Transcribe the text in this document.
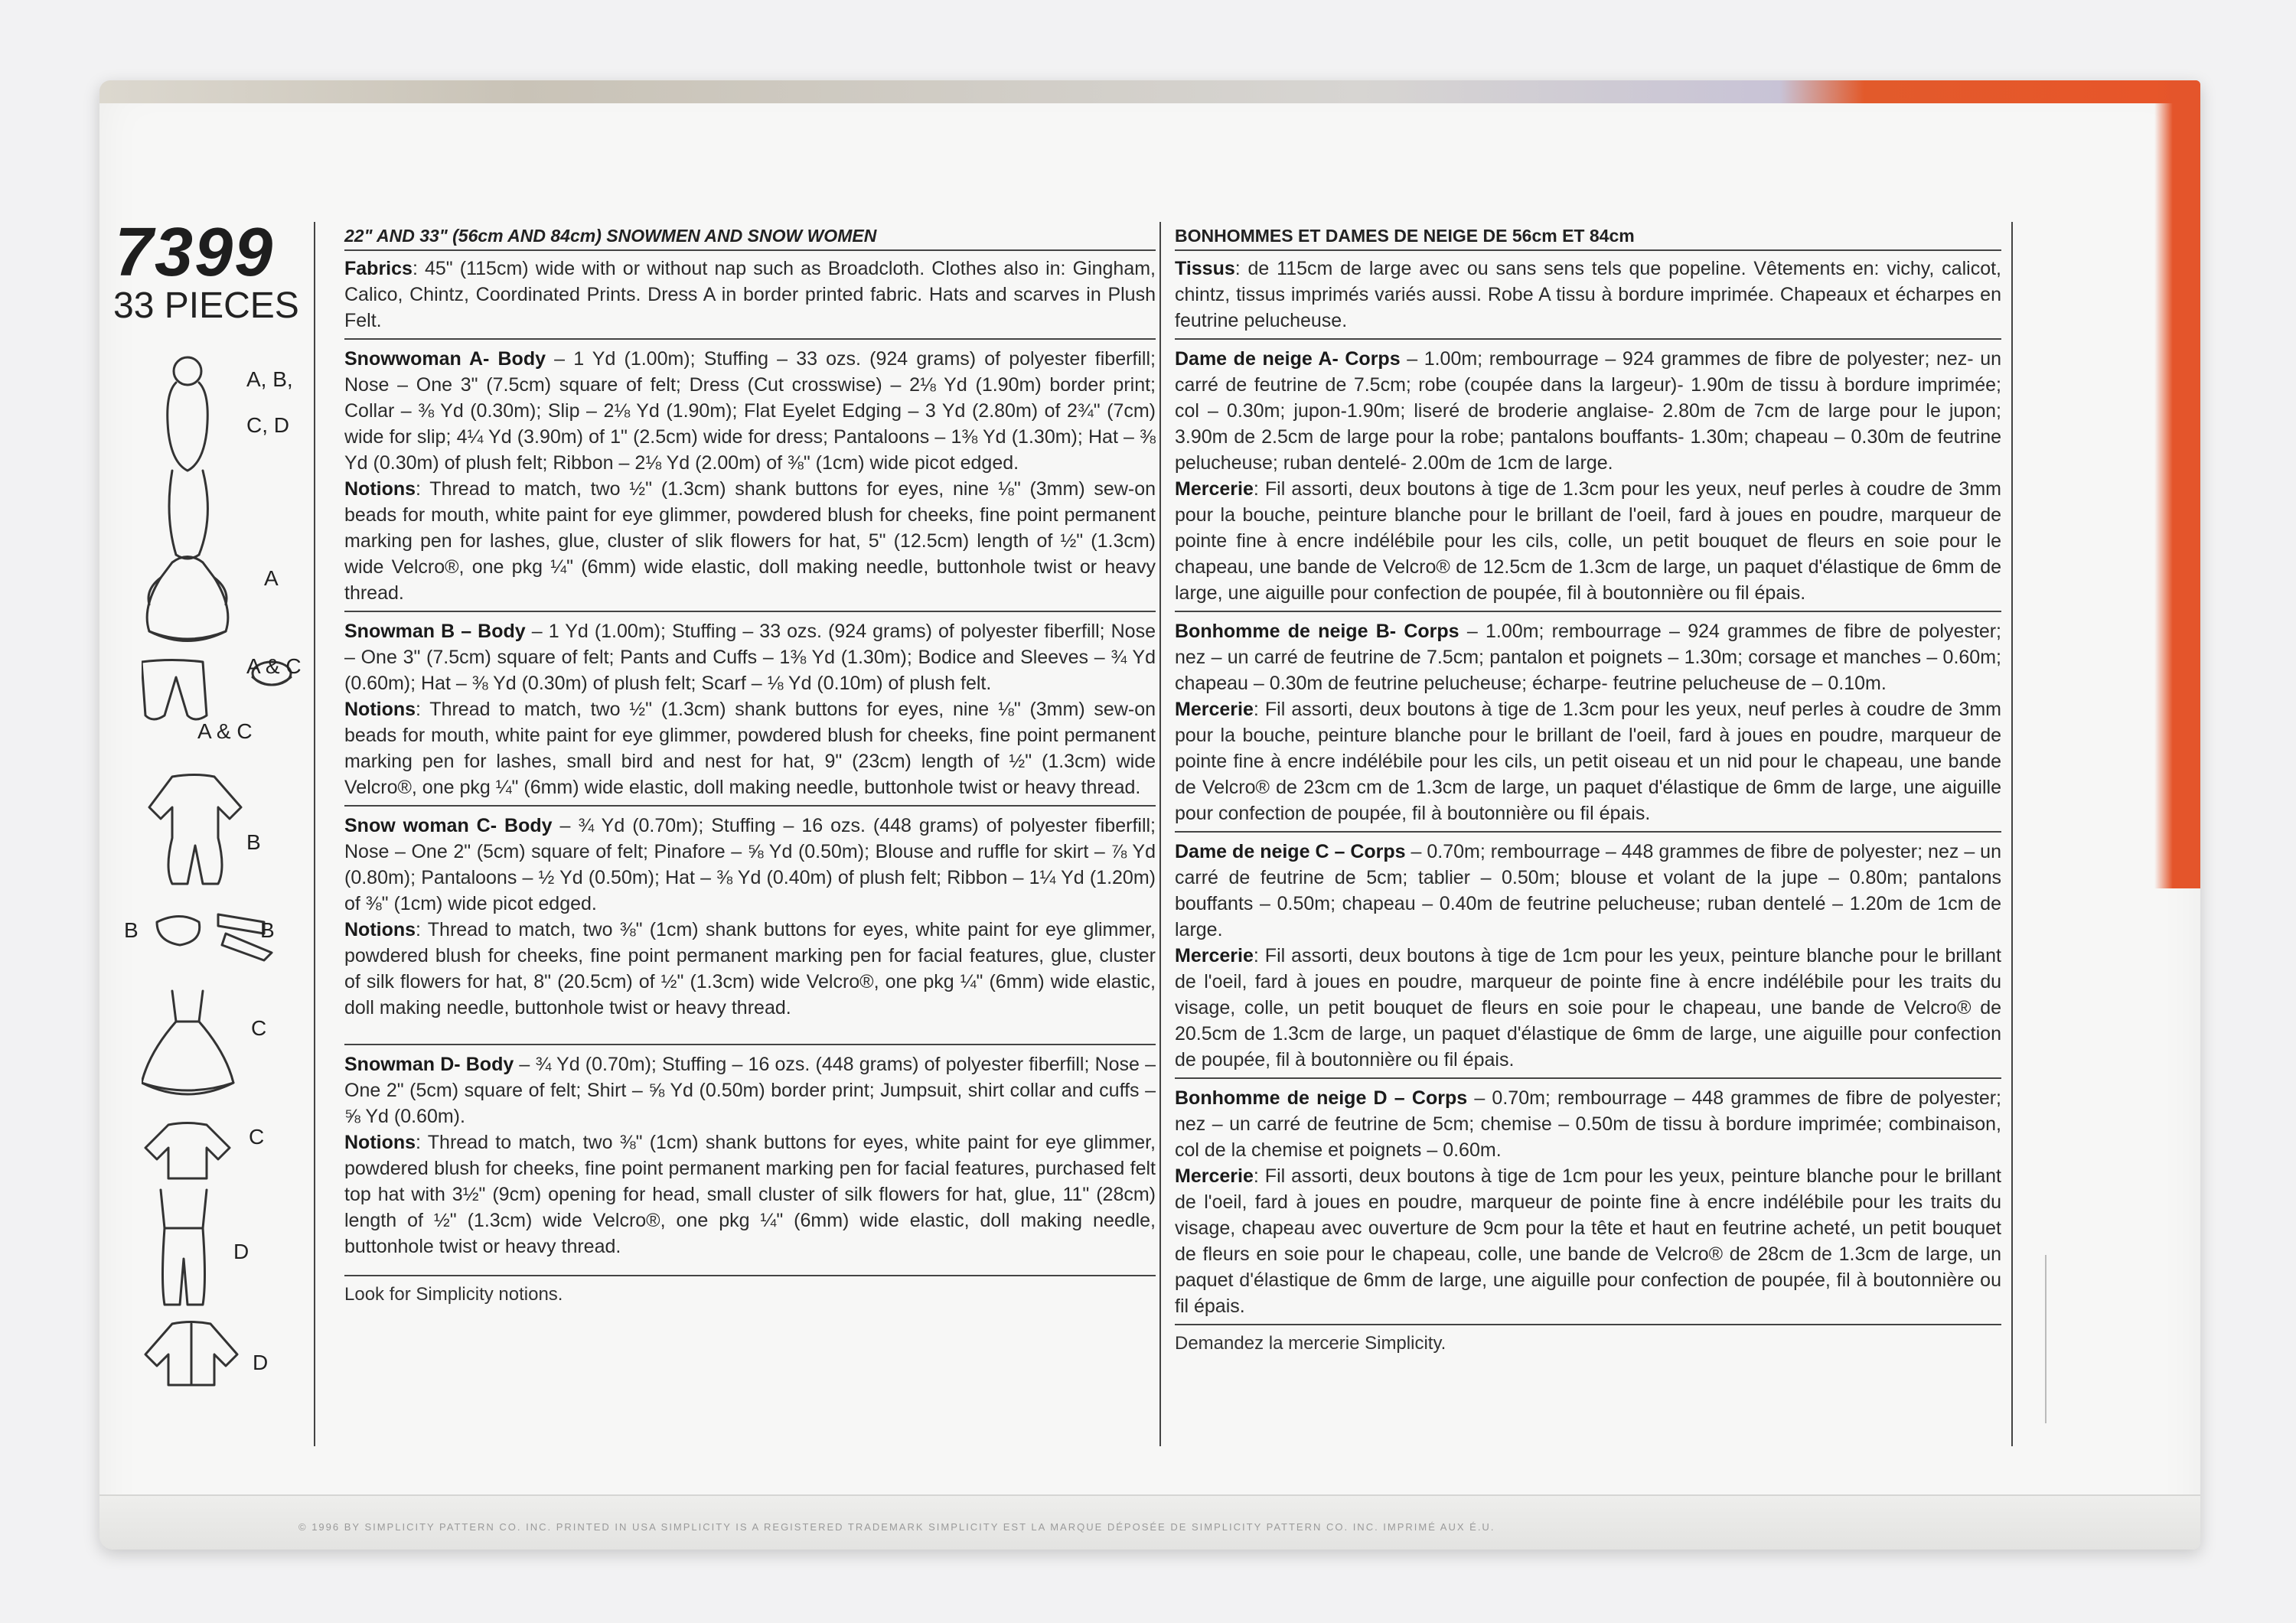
© 1996 BY SIMPLICITY PATTERN CO. INC. PRINTED IN USA SIMPLICITY IS A REGISTERED TRADEMARK SIMPLICITY EST LA MARQUE DÉPOSÉE DE SIMPLICITY PATTERN CO. INC. IMPRIMÉ AUX É.U.
7399
33 PIECES
A, B,
C, D
A
A & C
A & C
B
B	B
C
C
D
D
22" AND 33" (56cm AND 84cm) SNOWMEN AND SNOW WOMEN

Fabrics: 45" (115cm) wide with or without nap such as Broadcloth. Clothes also in: Gingham, Calico, Chintz, Coordinated Prints. Dress A in border printed fabric. Hats and scarves in Plush Felt.

Snowwoman A- Body – 1 Yd (1.00m); Stuffing – 33 ozs. (924 grams) of polyester fiberfill; Nose – One 3" (7.5cm) square of felt; Dress (Cut crosswise) – 2⅛ Yd (1.90m) border print; Collar – ⅜ Yd (0.30m); Slip – 2⅛ Yd (1.90m); Flat Eyelet Edging – 3 Yd (2.80m) of 2¾" (7cm) wide for slip; 4¼ Yd (3.90m) of 1" (2.5cm) wide for dress; Pantaloons – 1⅜ Yd (1.30m); Hat – ⅜ Yd (0.30m) of plush felt; Ribbon – 2⅛ Yd (2.00m) of ⅜" (1cm) wide picot edged.

Notions: Thread to match, two ½" (1.3cm) shank buttons for eyes, nine ⅛" (3mm) sew-on beads for mouth, white paint for eye glimmer, powdered blush for cheeks, fine point permanent marking pen for lashes, glue, cluster of slik flowers for hat, 5" (12.5cm) length of ½" (1.3cm) wide Velcro®, one pkg ¼" (6mm) wide elastic, doll making needle, buttonhole twist or heavy thread.

Snowman B – Body – 1 Yd (1.00m); Stuffing – 33 ozs. (924 grams) of polyester fiberfill; Nose – One 3" (7.5cm) square of felt; Pants and Cuffs – 1⅜ Yd (1.30m); Bodice and Sleeves – ¾ Yd (0.60m); Hat – ⅜ Yd (0.30m) of plush felt; Scarf – ⅛ Yd (0.10m) of plush felt.

Notions: Thread to match, two ½" (1.3cm) shank buttons for eyes, nine ⅛" (3mm) sew-on beads for mouth, white paint for eye glimmer, powdered blush for cheeks, fine point permanent marking pen for lashes, small bird and nest for hat, 9" (23cm) length of ½" (1.3cm) wide Velcro®, one pkg ¼" (6mm) wide elastic, doll making needle, buttonhole twist or heavy thread.

Snow woman C- Body – ¾ Yd (0.70m); Stuffing – 16 ozs. (448 grams) of polyester fiberfill; Nose – One 2" (5cm) square of felt; Pinafore – ⅝ Yd (0.50m); Blouse and ruffle for skirt – ⅞ Yd (0.80m); Pantaloons – ½ Yd (0.50m); Hat – ⅜ Yd (0.40m) of plush felt; Ribbon – 1¼ Yd (1.20m) of ⅜" (1cm) wide picot edged.

Notions: Thread to match, two ⅜" (1cm) shank buttons for eyes, white paint for eye glimmer, powdered blush for cheeks, fine point permanent marking pen for facial features, glue, cluster of silk flowers for hat, 8" (20.5cm) of ½" (1.3cm) wide Velcro®, one pkg ¼" (6mm) wide elastic, doll making needle, buttonhole twist or heavy thread.

Snowman D- Body – ¾ Yd (0.70m); Stuffing – 16 ozs. (448 grams) of polyester fiberfill; Nose – One 2" (5cm) square of felt; Shirt – ⅝ Yd (0.50m) border print; Jumpsuit, shirt collar and cuffs – ⅝ Yd (0.60m).

Notions: Thread to match, two ⅜" (1cm) shank buttons for eyes, white paint for eye glimmer, powdered blush for cheeks, fine point permanent marking pen for facial features, purchased felt top hat with 3½" (9cm) opening for head, small cluster of silk flowers for hat, glue, 11" (28cm) length of ½" (1.3cm) wide Velcro®, one pkg ¼" (6mm) wide elastic, doll making needle, buttonhole twist or heavy thread.

Look for Simplicity notions.
BONHOMMES ET DAMES DE NEIGE DE 56cm ET 84cm

Tissus: de 115cm de large avec ou sans sens tels que popeline. Vêtements en: vichy, calicot, chintz, tissus imprimés variés aussi. Robe A tissu à bordure imprimée. Chapeaux et écharpes en feutrine pelucheuse.

Dame de neige A- Corps – 1.00m; rembourrage – 924 grammes de fibre de polyester; nez- un carré de feutrine de 7.5cm; robe (coupée dans la largeur)- 1.90m de tissu à bordure imprimée; col – 0.30m; jupon-1.90m; liseré de broderie anglaise- 2.80m de 7cm de large pour le jupon; 3.90m de 2.5cm de large pour la robe; pantalons bouffants- 1.30m; chapeau – 0.30m de feutrine pelucheuse; ruban dentelé- 2.00m de 1cm de large.

Mercerie: Fil assorti, deux boutons à tige de 1.3cm pour les yeux, neuf perles à coudre de 3mm pour la bouche, peinture blanche pour le brillant de l'oeil, fard à joues en poudre, marqueur de pointe fine à encre indélébile pour les cils, colle, un petit bouquet de fleurs en soie pour le chapeau, une bande de Velcro® de 12.5cm de 1.3cm de large, un paquet d'élastique de 6mm de large, une aiguille pour confection de poupée, fil à boutonnière ou fil épais.

Bonhomme de neige B- Corps – 1.00m; rembourrage – 924 grammes de fibre de polyester; nez – un carré de feutrine de 7.5cm; pantalon et poignets – 1.30m; corsage et manches – 0.60m; chapeau – 0.30m de feutrine pelucheuse; écharpe- feutrine pelucheuse de – 0.10m.

Mercerie: Fil assorti, deux boutons à tige de 1.3cm pour les yeux, neuf perles à coudre de 3mm pour la bouche, peinture blanche pour le brillant de l'oeil, fard à joues en poudre, marqueur de pointe fine à encre indélébile pour les cils, un petit oiseau et un nid pour le chapeau, une bande de Velcro® de 23cm cm de 1.3cm de large, un paquet d'élastique de 6mm de large, une aiguille pour confection de poupée, fil à boutonnière ou fil épais.

Dame de neige C – Corps – 0.70m; rembourrage – 448 grammes de fibre de polyester; nez – un carré de feutrine de 5cm; tablier – 0.50m; blouse et volant de la jupe – 0.80m; pantalons bouffants – 0.50m; chapeau – 0.40m de feutrine pelucheuse; ruban dentelé – 1.20m de 1cm de large.

Mercerie: Fil assorti, deux boutons à tige de 1cm pour les yeux, peinture blanche pour le brillant de l'oeil, fard à joues en poudre, marqueur de pointe fine à encre indélébile pour les traits du visage, colle, un petit bouquet de fleurs en soie pour le chapeau, une bande de Velcro® de 20.5cm de 1.3cm de large, un paquet d'élastique de 6mm de large, une aiguille pour confection de poupée, fil à boutonnière ou fil épais.

Bonhomme de neige D – Corps – 0.70m; rembourrage – 448 grammes de fibre de polyester; nez – un carré de feutrine de 5cm; chemise – 0.50m de tissu à bordure imprimée; combinaison, col de la chemise et poignets – 0.60m.

Mercerie: Fil assorti, deux boutons à tige de 1cm pour les yeux, peinture blanche pour le brillant de l'oeil, fard à joues en poudre, marqueur de pointe fine à encre indélébile pour les traits du visage, chapeau avec ouverture de 9cm pour la tête et haut en feutrine acheté, un petit bouquet de fleurs en soie pour le chapeau, colle, une bande de Velcro® de 28cm de 1.3cm de large, un paquet d'élastique de 6mm de large, une aiguille pour confection de poupée, fil à boutonnière ou fil épais.

Demandez la mercerie Simplicity.
